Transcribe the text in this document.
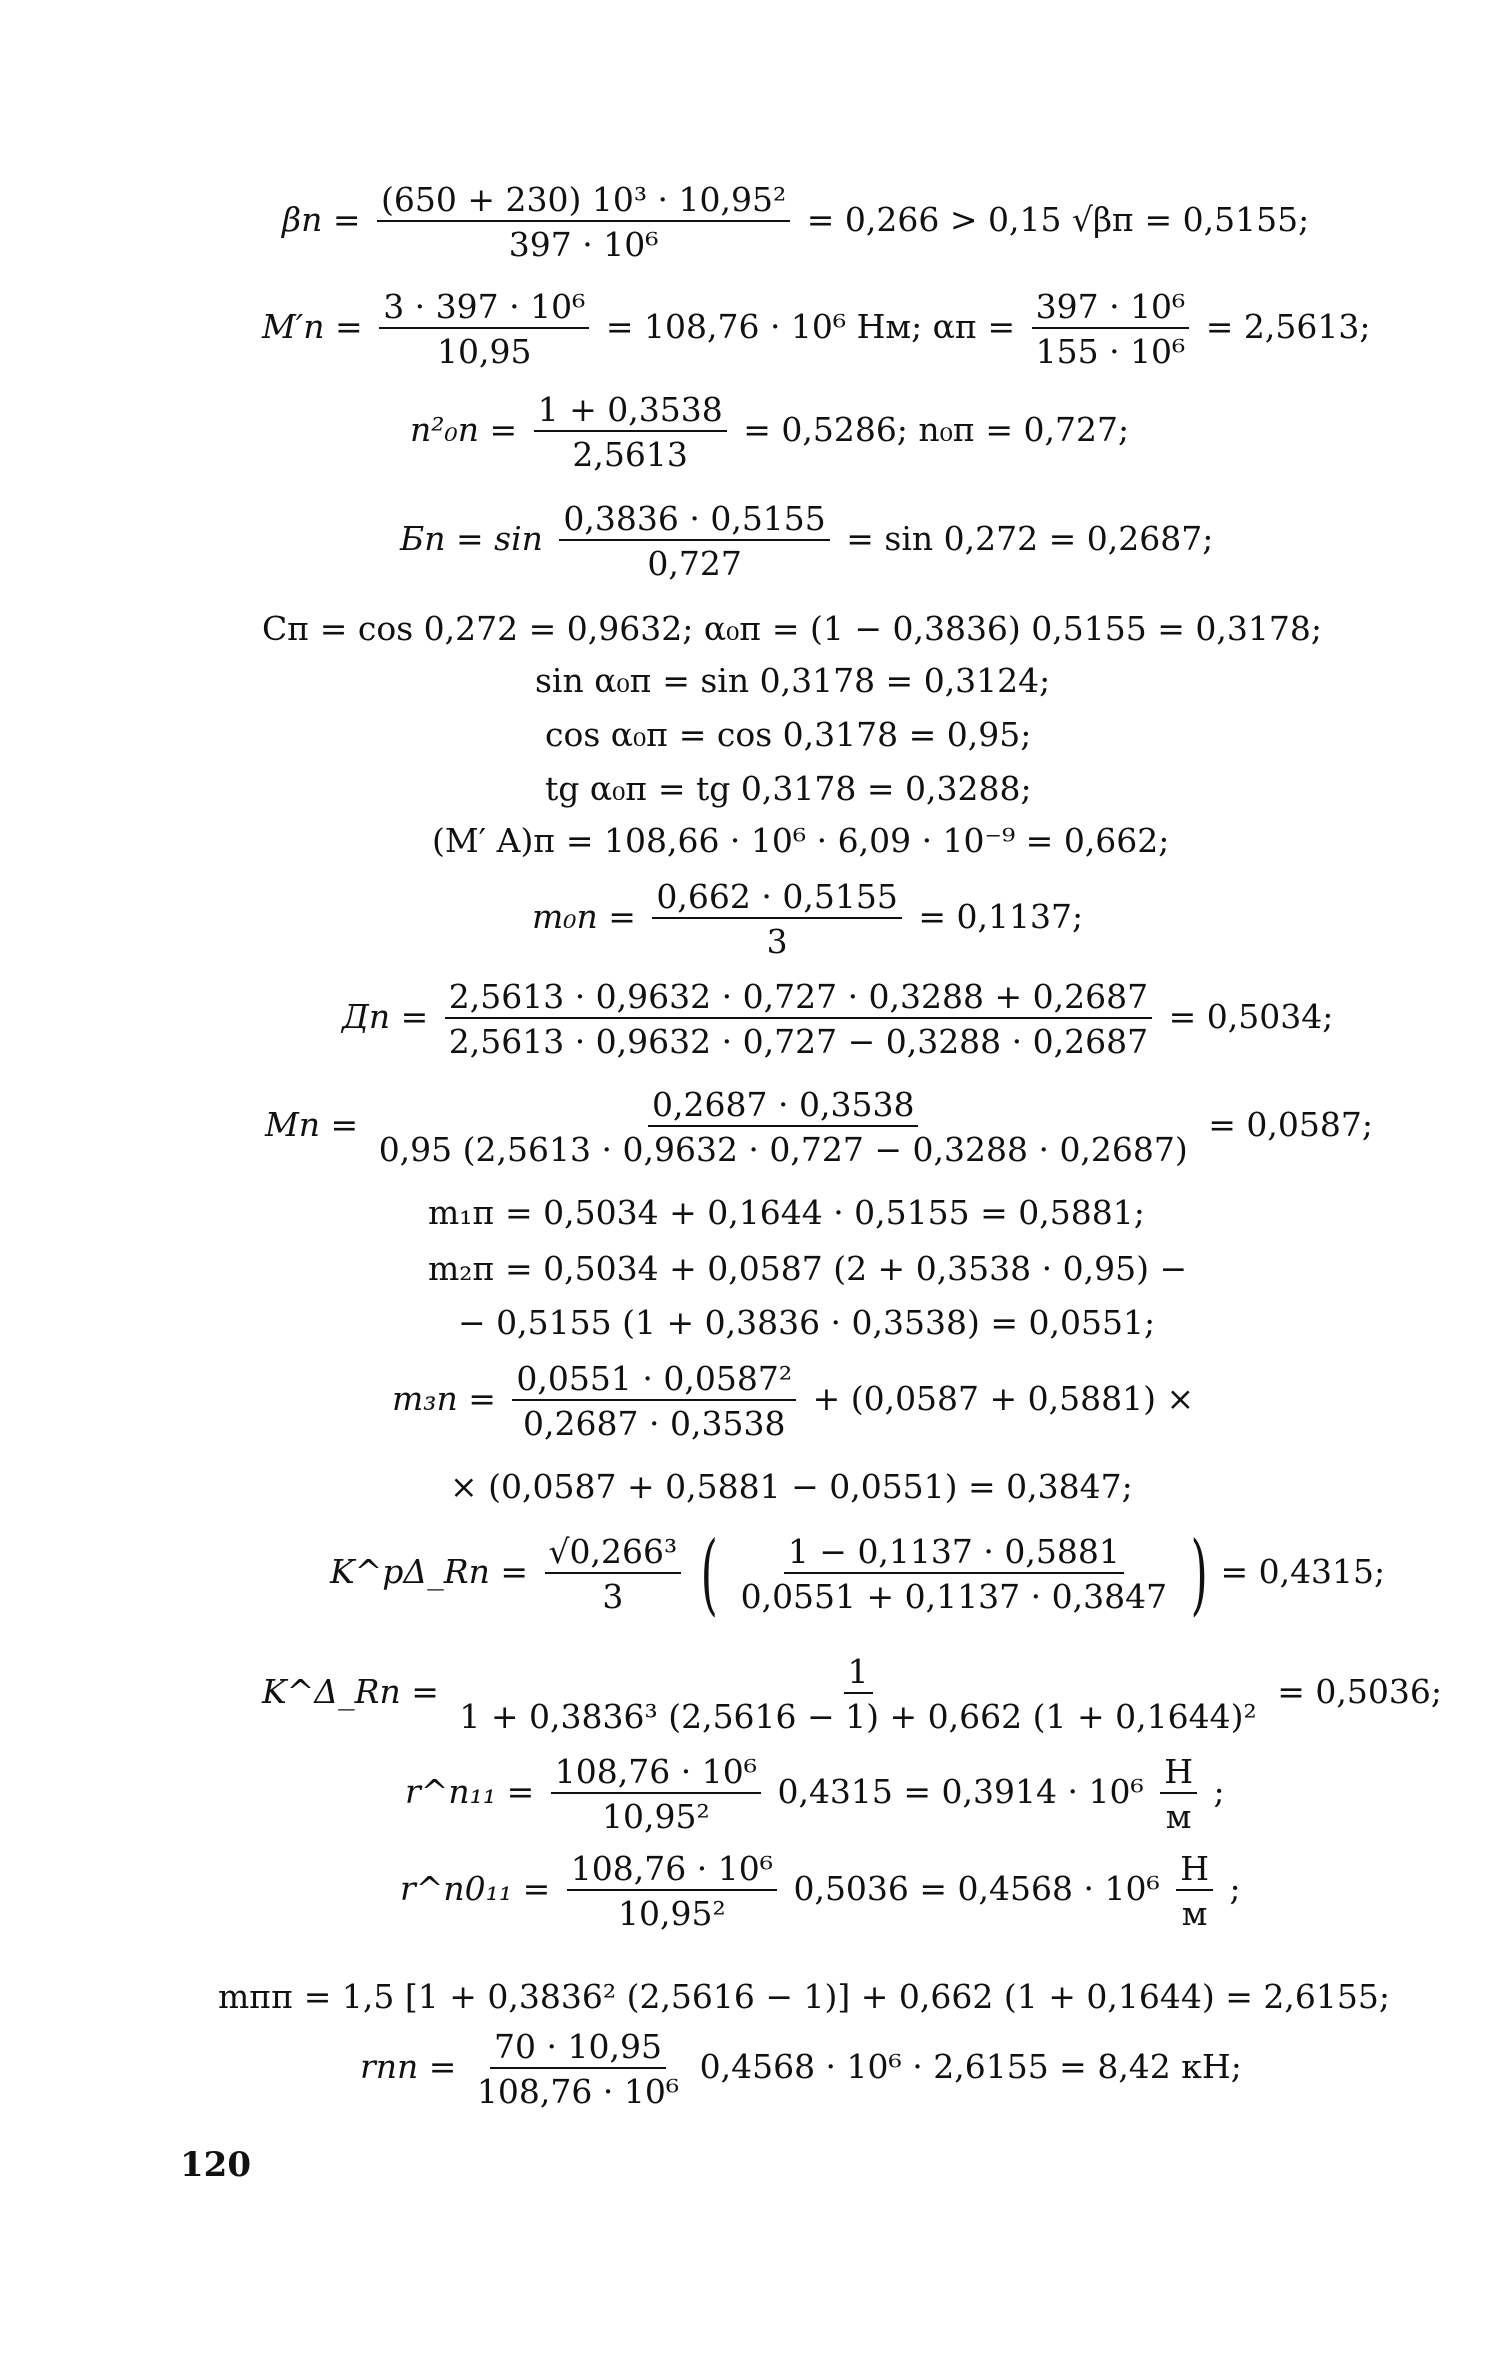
$\beta п = \frac{\text{(650 + 230) 10³ · 10,95²}}{\text{397 · 10⁶}} = 0,266 > 0,15$ √βп = 0,5155;
$M'п = \frac{\text{3 · 397 · 10⁶}}{10,95} = 108,76 \cdot 10^6$ Нм; $\alpha п = \frac{\text{397 · 10⁶}}{\text{155 · 10⁶}} = 2,5613$;
$n^2_0п = \frac{1 + 0,3538}{2,5613} = 0,5286$; n₀п = 0,727;
Бп = $\sin \frac{0,3836 \cdot 0,5155}{0,727} = \sin 0,272 = 0,2687$;
Cп = cos 0,272 = 0,9632; α₀п = (1 − 0,3836) 0,5155 = 0,3178;
sin α₀п = sin 0,3178 = 0,3124;
cos α₀п = cos 0,3178 = 0,95;
tg α₀п = tg 0,3178 = 0,3288;
(M′ A)п = 108,66 · 10⁶ · 6,09 · 10⁻⁹ = 0,662;
$m_0п = \frac{0,662 \cdot 0,5155}{3} = 0,1137$;
Дп = $\frac{2,5613 \cdot 0,9632 \cdot 0,727 \cdot 0,3288 + 0,2687}{2,5613 \cdot 0,9632 \cdot 0,727 - 0,3288 \cdot 0,2687} = 0,5034$;
Mп = $\frac{0,2687 \cdot 0,3538}{0,95 (2,5613 \cdot 0,9632 \cdot 0,727 - 0,3288 \cdot 0,2687)} = 0,0587$;
m₁п = 0,5034 + 0,1644 · 0,5155 = 0,5881;
m₂п = 0,5034 + 0,0587 (2 + 0,3538 · 0,95) −
− 0,5155 (1 + 0,3836 · 0,3538) = 0,0551;
$m_3п = \frac{\text{0,0551 · 0,0587²}}{0,2687 \cdot 0,3538} + (0,0587 + 0,5881)$ ×
× (0,0587 + 0,5881 − 0,0551) = 0,3847;
K^pΔ_Rп = $\frac{\text{√0,266³}}{3}$ ( $\frac{1 - 0,1137 \cdot 0,5881}{0,0551 + 0,1137 \cdot 0,3847}$ ) = 0,4315;
K^Δ_Rп = $\frac{1}{\text{1 + 0,3836³ (2,5616 − 1) + 0,662 (1 + 0,1644)²}} = 0,5036$;
r^п₁₁ = $\frac{\text{108,76 · 10⁶}}{\text{10,95²}} 0,4315 = 0,3914 \cdot 10^6 \frac{Н}{м}$ ;
r^п0₁₁ = $\frac{\text{108,76 · 10⁶}}{\text{10,95²}} 0,5036 = 0,4568 \cdot 10^6 \frac{Н}{м}$ ;
mпп = 1,5 [1 + 0,3836² (2,5616 − 1)] + 0,662 (1 + 0,1644) = 2,6155;
rпп = $\frac{70 \cdot 10,95}{\text{108,76 · 10⁶}} 0,4568 \cdot 10^6 \cdot 2,6155 = 8,42$ кН;
120
